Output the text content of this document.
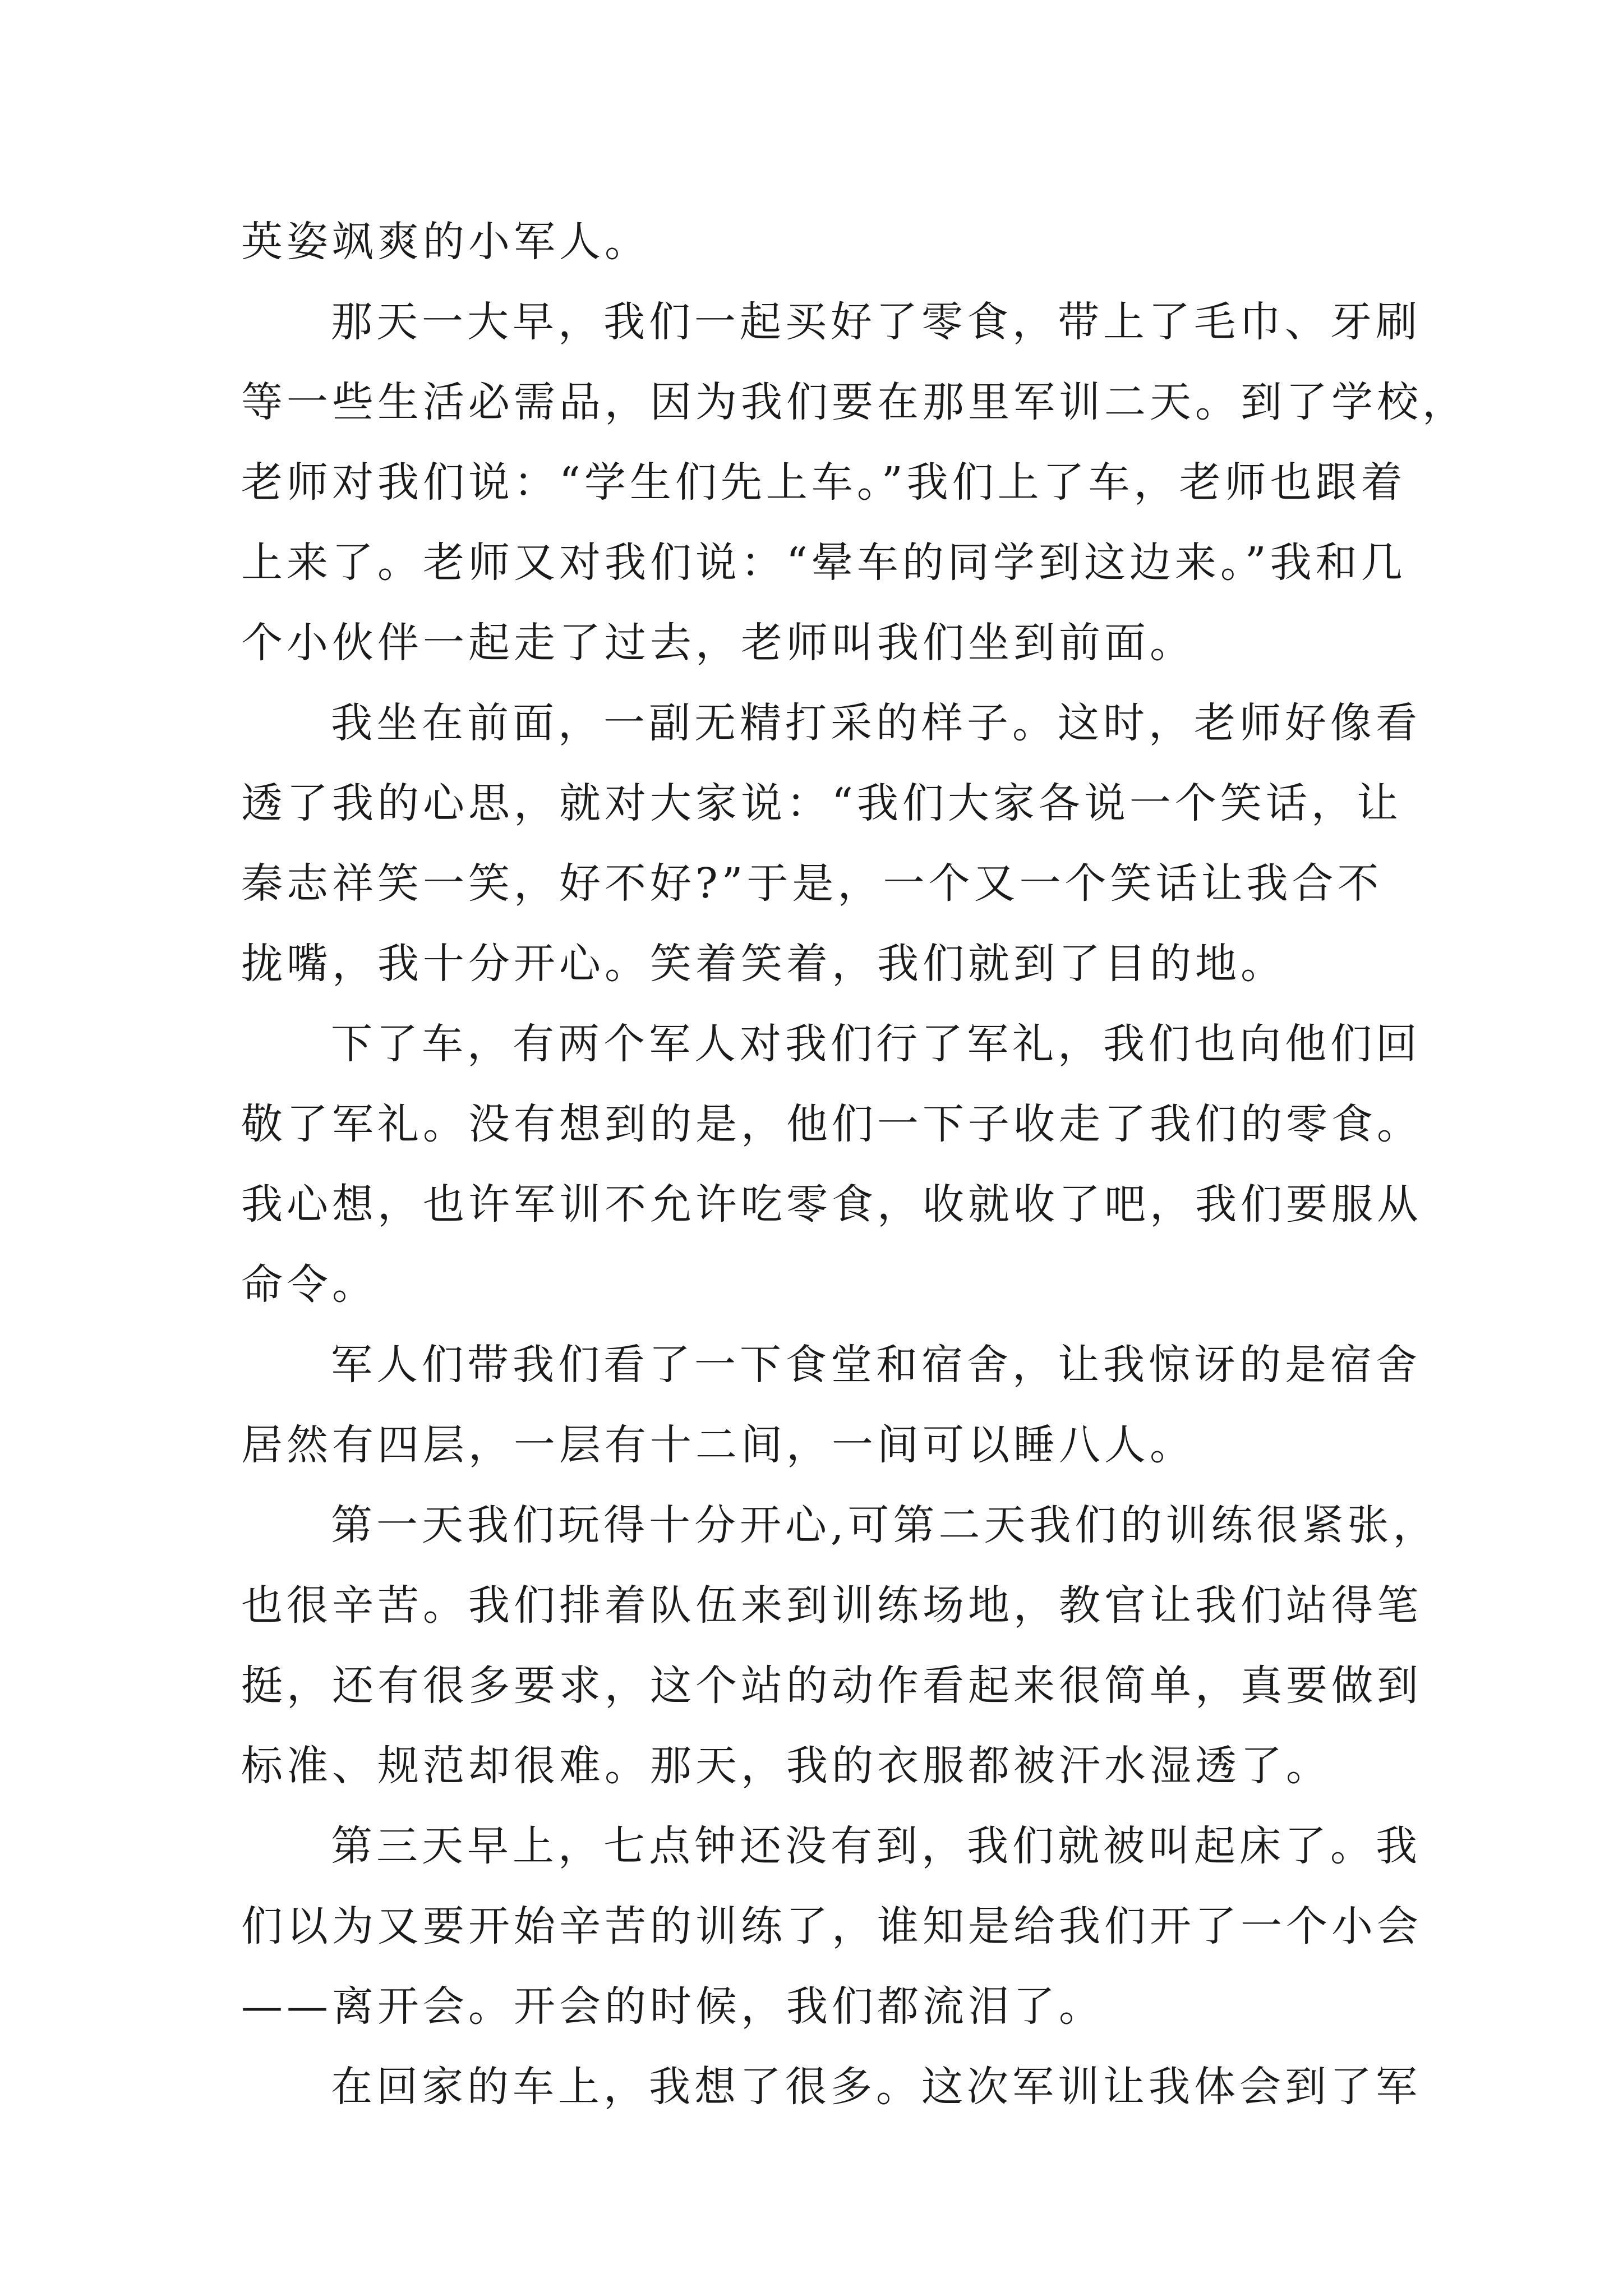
英姿飒爽的小军人。
那天一大早，我们一起买好了零食，带上了毛巾、牙刷
等一些生活必需品，因为我们要在那里军训二天。到了学校，
老师对我们说：“学生们先上车。”我们上了车，老师也跟着
上来了。老师又对我们说：“晕车的同学到这边来。”我和几
个小伙伴一起走了过去，老师叫我们坐到前面。
我坐在前面，一副无精打采的样子。这时，老师好像看
透了我的心思，就对大家说：“我们大家各说一个笑话，让
秦志祥笑一笑，好不好?”于是，一个又一个笑话让我合不
拢嘴，我十分开心。笑着笑着，我们就到了目的地。
下了车，有两个军人对我们行了军礼，我们也向他们回
敬了军礼。没有想到的是，他们一下子收走了我们的零食。
我心想，也许军训不允许吃零食，收就收了吧，我们要服从
命令。
军人们带我们看了一下食堂和宿舍，让我惊讶的是宿舍
居然有四层，一层有十二间，一间可以睡八人。
第一天我们玩得十分开心,可第二天我们的训练很紧张，
也很辛苦。我们排着队伍来到训练场地，教官让我们站得笔
挺，还有很多要求，这个站的动作看起来很简单，真要做到
标准、规范却很难。那天，我的衣服都被汗水湿透了。
第三天早上，七点钟还没有到，我们就被叫起床了。我
们以为又要开始辛苦的训练了，谁知是给我们开了一个小会
——离开会。开会的时候，我们都流泪了。
在回家的车上，我想了很多。这次军训让我体会到了军
